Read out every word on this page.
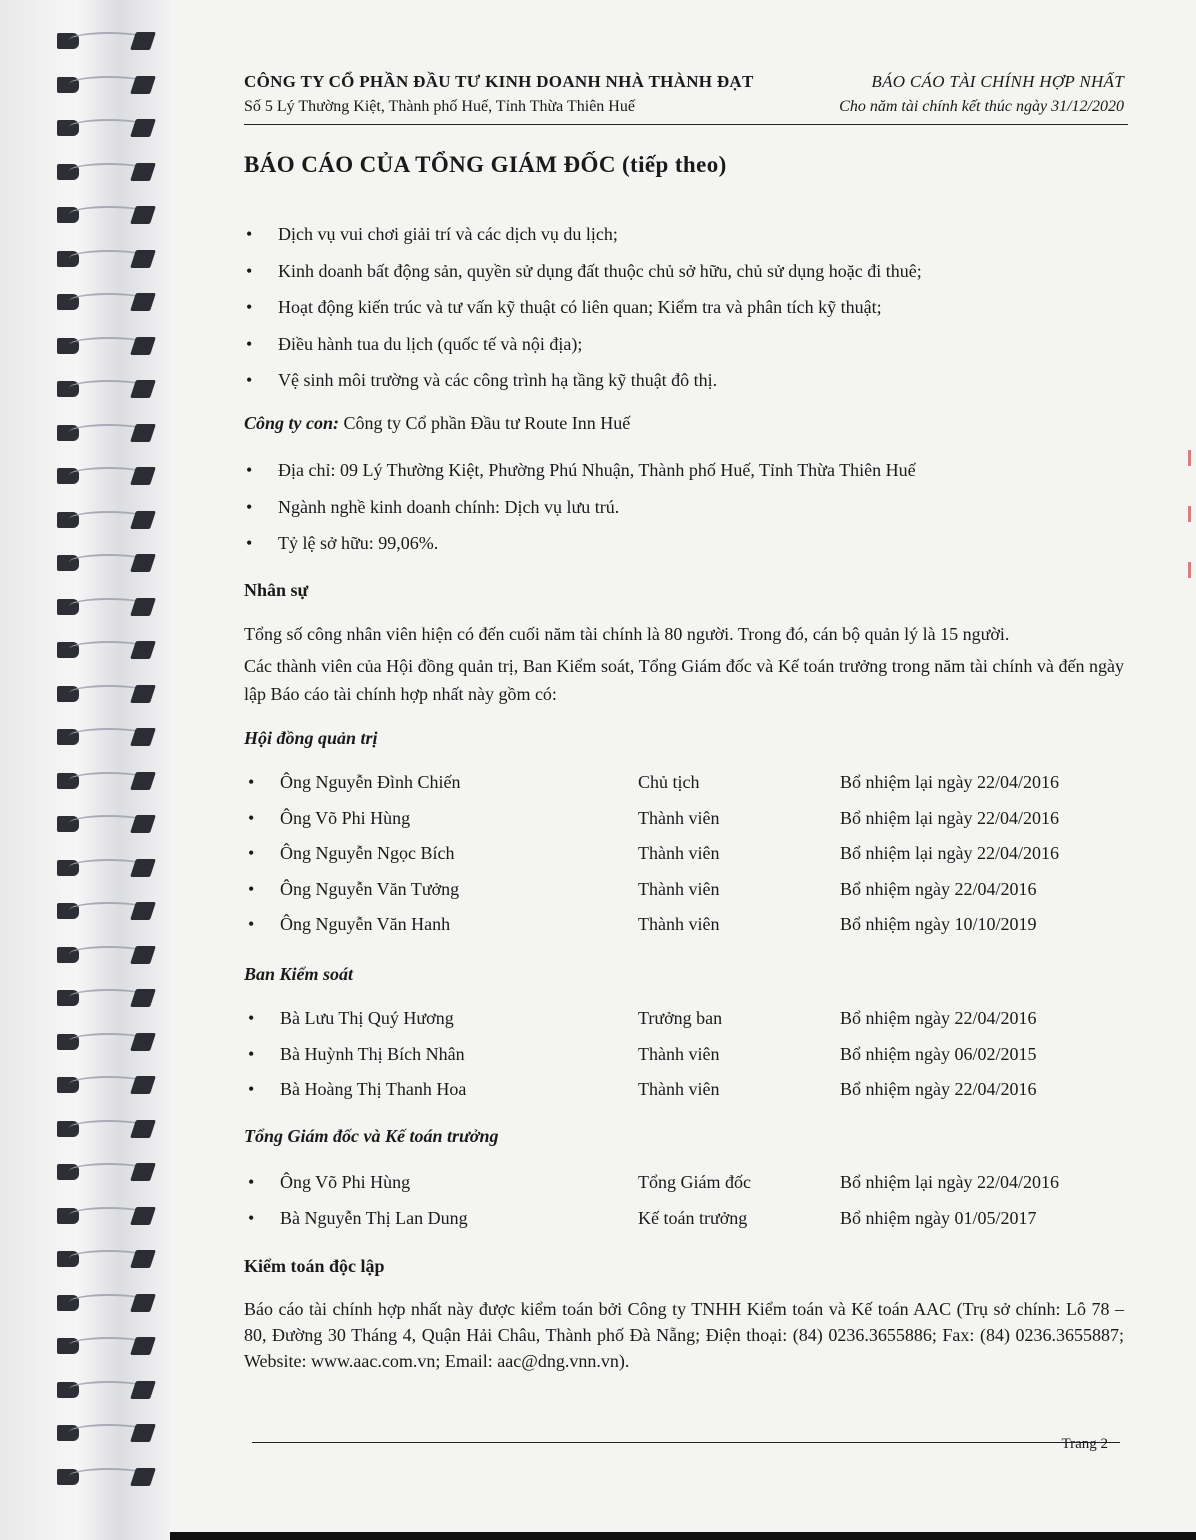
CÔNG TY CỔ PHẦN ĐẦU TƯ KINH DOANH NHÀ THÀNH ĐẠT
Số 5 Lý Thường Kiệt, Thành phố Huế, Tỉnh Thừa Thiên Huế
BÁO CÁO TÀI CHÍNH HỢP NHẤT
Cho năm tài chính kết thúc ngày 31/12/2020
BÁO CÁO CỦA TỔNG GIÁM ĐỐC (tiếp theo)
• Dịch vụ vui chơi giải trí và các dịch vụ du lịch;
• Kinh doanh bất động sản, quyền sử dụng đất thuộc chủ sở hữu, chủ sử dụng hoặc đi thuê;
• Hoạt động kiến trúc và tư vấn kỹ thuật có liên quan; Kiểm tra và phân tích kỹ thuật;
• Điều hành tua du lịch (quốc tế và nội địa);
• Vệ sinh môi trường và các công trình hạ tầng kỹ thuật đô thị.
Công ty con: Công ty Cổ phần Đầu tư Route Inn Huế
• Địa chỉ: 09 Lý Thường Kiệt, Phường Phú Nhuận, Thành phố Huế, Tỉnh Thừa Thiên Huế
• Ngành nghề kinh doanh chính: Dịch vụ lưu trú.
• Tỷ lệ sở hữu: 99,06%.
Nhân sự
Tổng số công nhân viên hiện có đến cuối năm tài chính là 80 người. Trong đó, cán bộ quản lý là 15 người.
Các thành viên của Hội đồng quản trị, Ban Kiểm soát, Tổng Giám đốc và Kế toán trưởng trong năm tài chính và đến ngày lập Báo cáo tài chính hợp nhất này gồm có:
Hội đồng quản trị
• Ông Nguyễn Đình Chiến	Chủ tịch	Bổ nhiệm lại ngày 22/04/2016
• Ông Võ Phi Hùng	Thành viên	Bổ nhiệm lại ngày 22/04/2016
• Ông Nguyễn Ngọc Bích	Thành viên	Bổ nhiệm lại ngày 22/04/2016
• Ông Nguyễn Văn Tưởng	Thành viên	Bổ nhiệm ngày 22/04/2016
• Ông Nguyễn Văn Hanh	Thành viên	Bổ nhiệm ngày 10/10/2019
Ban Kiểm soát
• Bà Lưu Thị Quý Hương	Trưởng ban	Bổ nhiệm ngày 22/04/2016
• Bà Huỳnh Thị Bích Nhân	Thành viên	Bổ nhiệm ngày 06/02/2015
• Bà Hoàng Thị Thanh Hoa	Thành viên	Bổ nhiệm ngày 22/04/2016
Tổng Giám đốc và Kế toán trưởng
• Ông Võ Phi Hùng	Tổng Giám đốc	Bổ nhiệm lại ngày 22/04/2016
• Bà Nguyễn Thị Lan Dung	Kế toán trưởng	Bổ nhiệm ngày 01/05/2017
Kiểm toán độc lập
Báo cáo tài chính hợp nhất này được kiểm toán bởi Công ty TNHH Kiểm toán và Kế toán AAC (Trụ sở chính: Lô 78 – 80, Đường 30 Tháng 4, Quận Hải Châu, Thành phố Đà Nẵng; Điện thoại: (84) 0236.3655886; Fax: (84) 0236.3655887; Website: www.aac.com.vn; Email: aac@dng.vnn.vn).
Trang 2
